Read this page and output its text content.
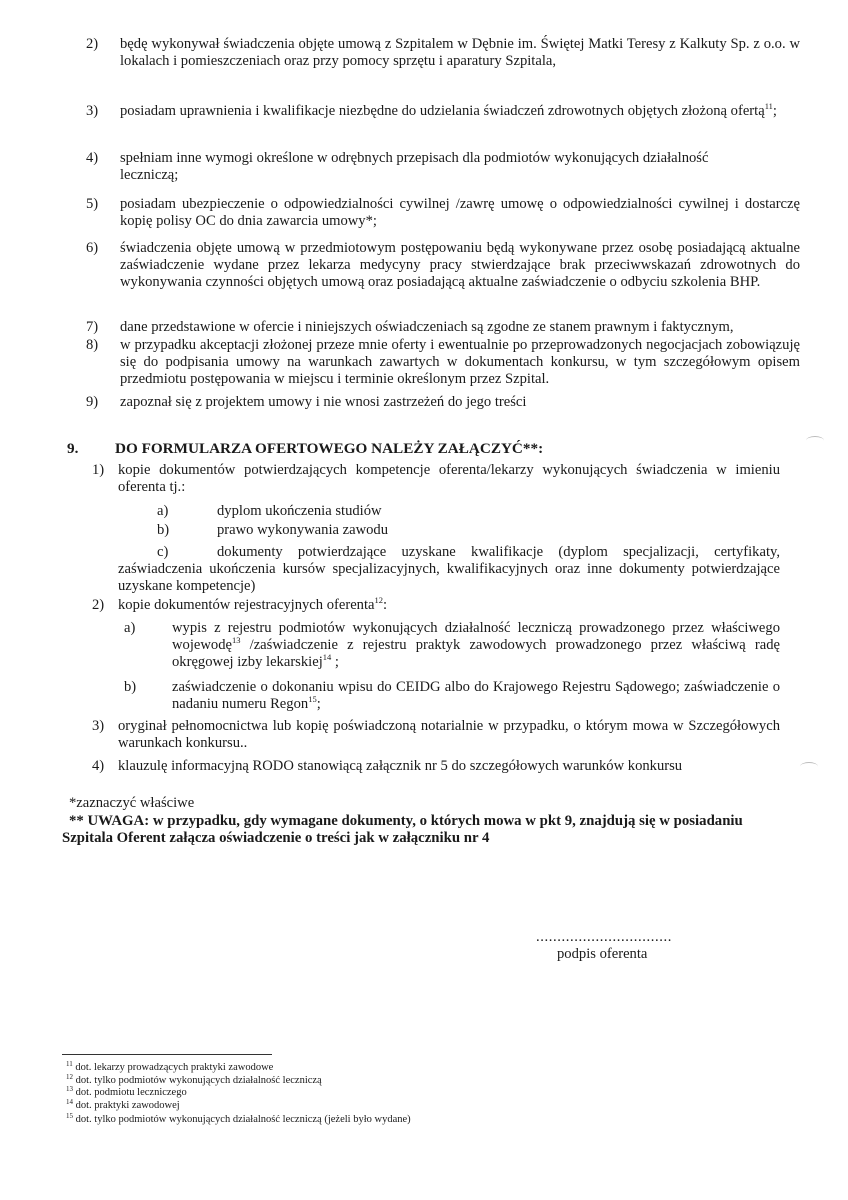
2) będę wykonywał świadczenia objęte umową z Szpitalem w Dębnie im. Świętej Matki Teresy z Kalkuty Sp. z o.o. w lokalach i pomieszczeniach oraz przy pomocy sprzętu i aparatury Szpitala,
3) posiadam uprawnienia i kwalifikacje niezbędne do udzielania świadczeń zdrowotnych objętych złożoną ofertą$^{11}$;
4) spełniam inne wymogi określone w odrębnych przepisach dla podmiotów wykonujących działalność leczniczą;
5) posiadam ubezpieczenie o odpowiedzialności cywilnej /zawrę umowę o odpowiedzialności cywilnej i dostarczę kopię polisy OC do dnia zawarcia umowy*;
6) świadczenia objęte umową w przedmiotowym postępowaniu będą wykonywane przez osobę posiadającą aktualne zaświadczenie wydane przez lekarza medycyny pracy stwierdzające brak przeciwwskazań zdrowotnych do wykonywania czynności objętych umową oraz posiadającą aktualne zaświadczenie o odbyciu szkolenia BHP.
7) dane przedstawione w ofercie i niniejszych oświadczeniach są zgodne ze stanem prawnym i faktycznym,
8) w przypadku akceptacji złożonej przeze mnie oferty i ewentualnie po przeprowadzonych negocjacjach zobowiązuję się do podpisania umowy na warunkach zawartych w dokumentach konkursu, w tym szczegółowym opisem przedmiotu postępowania w miejscu i terminie określonym przez Szpital.
9) zapoznał się z projektem umowy i nie wnosi zastrzeżeń do jego treści
9. DO FORMULARZA OFERTOWEGO NALEŻY ZAŁĄCZYĆ**:
1) kopie dokumentów potwierdzających kompetencje oferenta/lekarzy wykonujących świadczenia w imieniu oferenta tj.:
a)	dyplom ukończenia studiów
b)	prawo wykonywania zawodu
c)	dokumenty potwierdzające uzyskane kwalifikacje (dyplom specjalizacji, certyfikaty, zaświadczenia ukończenia kursów specjalizacyjnych, kwalifikacyjnych oraz inne dokumenty potwierdzające uzyskane kompetencje)
2) kopie dokumentów rejestracyjnych oferenta$^{12}$:
a)	wypis z rejestru podmiotów wykonujących działalność leczniczą prowadzonego przez właściwego wojewodę$^{13}$ /zaświadczenie z rejestru praktyk zawodowych prowadzonego przez właściwą radę okręgowej izby lekarskiej$^{14}$ ;
b) zaświadczenie o dokonaniu wpisu do CEIDG albo do Krajowego Rejestru Sądowego; zaświadczenie o nadaniu numeru Regon$^{15}$;
3) oryginał pełnomocnictwa lub kopię poświadczoną notarialnie w przypadku, o którym mowa w Szczegółowych warunkach konkursu..
4) klauzulę informacyjną RODO stanowiącą załącznik nr 5 do szczegółowych warunków konkursu
*zaznaczyć właściwe
** UWAGA: w przypadku, gdy wymagane dokumenty, o których mowa w pkt 9, znajdują się w posiadaniu Szpitala Oferent załącza oświadczenie o treści jak w załączniku nr 4
................................
podpis oferenta
$^{11}$ dot. lekarzy prowadzących praktyki zawodowe
$^{12}$ dot. tylko podmiotów wykonujących działalność leczniczą
$^{13}$ dot. podmiotu leczniczego
$^{14}$ dot. praktyki zawodowej
$^{15}$ dot. tylko podmiotów wykonujących działalność leczniczą (jeżeli było wydane)
